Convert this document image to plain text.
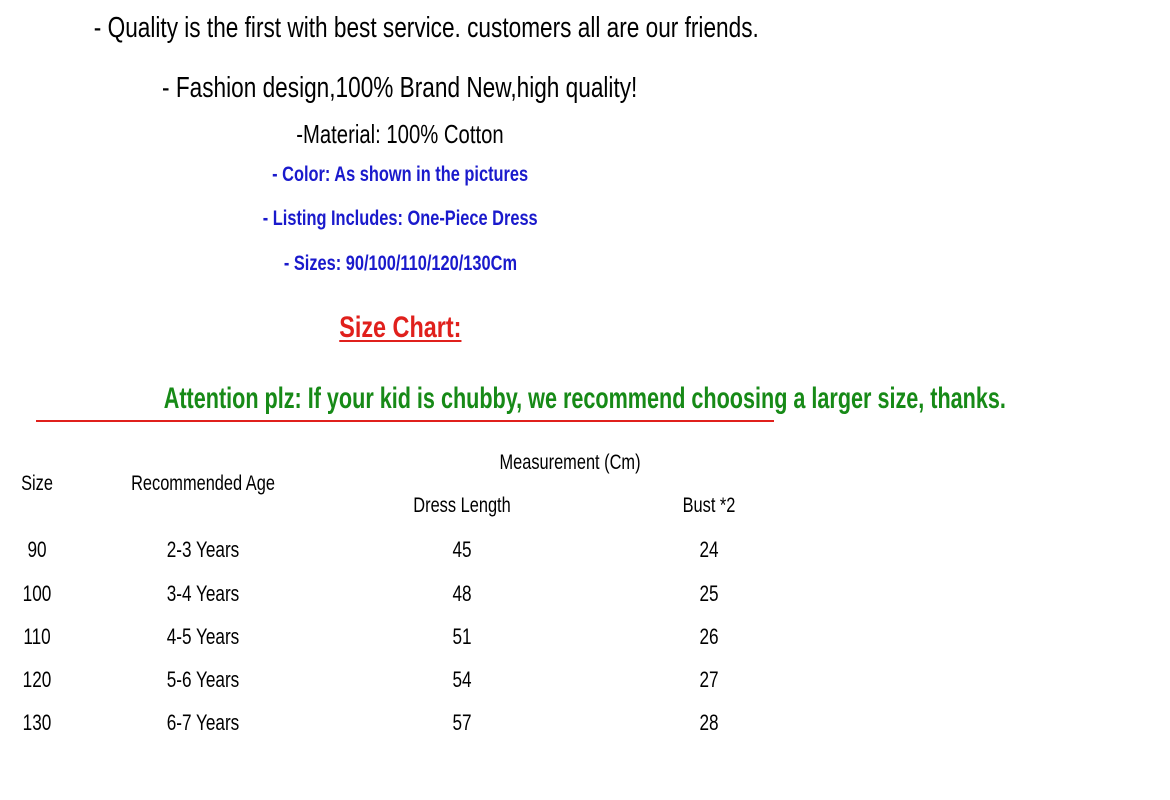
- Quality is the first with best service. customers all are our friends.
- Fashion design,100% Brand New,high quality!
-Material: 100% Cotton
- Color: As shown in the pictures
- Listing Includes: One-Piece Dress
- Sizes: 90/100/110/120/130Cm
Size Chart:
Attention plz: If your kid is chubby, we recommend choosing a larger size, thanks.
Size	Recommended Age
Measurement (Cm)
Dress Length	Bust *2
90	2-3 Years	45	24
100	3-4 Years	48	25
110	4-5 Years	51	26
120	5-6 Years	54	27
130	6-7 Years	57	28
